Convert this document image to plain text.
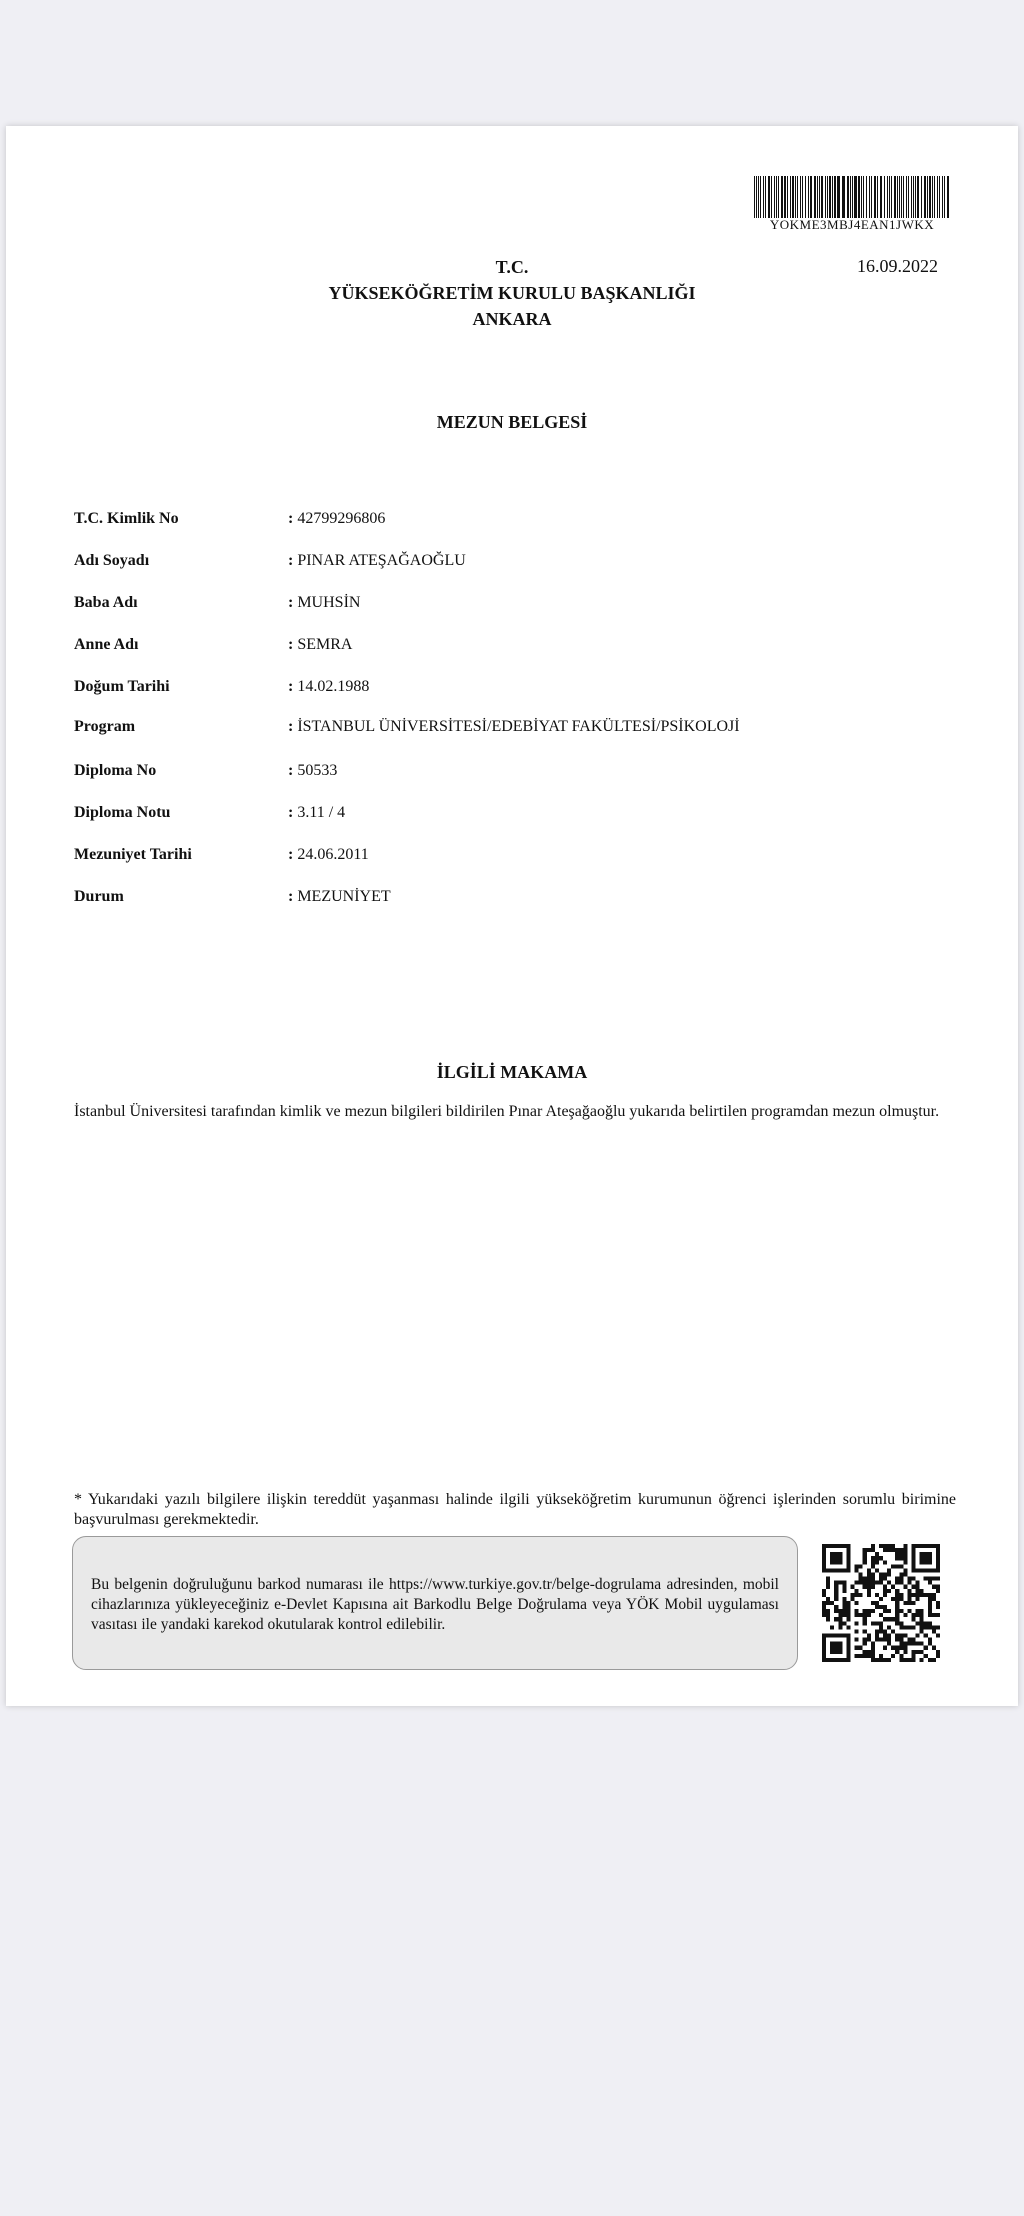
YOKME3MBJ4EAN1JWKX
16.09.2022
T.C.
YÜKSEKÖĞRETİM KURULU BAŞKANLIĞI
ANKARA
MEZUN BELGESİ
T.C. Kimlik No	: 42799296806
Adı Soyadı	: PINAR ATEŞAĞAOĞLU
Baba Adı	: MUHSİN
Anne Adı	: SEMRA
Doğum Tarihi	: 14.02.1988
Program	: İSTANBUL ÜNİVERSİTESİ/EDEBİYAT FAKÜLTESİ/PSİKOLOJİ
Diploma No	: 50533
Diploma Notu	: 3.11 / 4
Mezuniyet Tarihi	: 24.06.2011
Durum	: MEZUNİYET
İLGİLİ MAKAMA
İstanbul Üniversitesi tarafından kimlik ve mezun bilgileri bildirilen Pınar Ateşağaoğlu yukarıda belirtilen programdan mezun olmuştur.
* Yukarıdaki yazılı bilgilere ilişkin tereddüt yaşanması halinde ilgili yükseköğretim kurumunun öğrenci işlerinden sorumlu birimine başvurulması gerekmektedir.
Bu belgenin doğruluğunu barkod numarası ile https://www.turkiye.gov.tr/belge-dogrulama adresinden, mobil cihazlarınıza yükleyeceğiniz e-Devlet Kapısına ait Barkodlu Belge Doğrulama veya YÖK Mobil uygulaması vasıtası ile yandaki karekod okutularak kontrol edilebilir.
